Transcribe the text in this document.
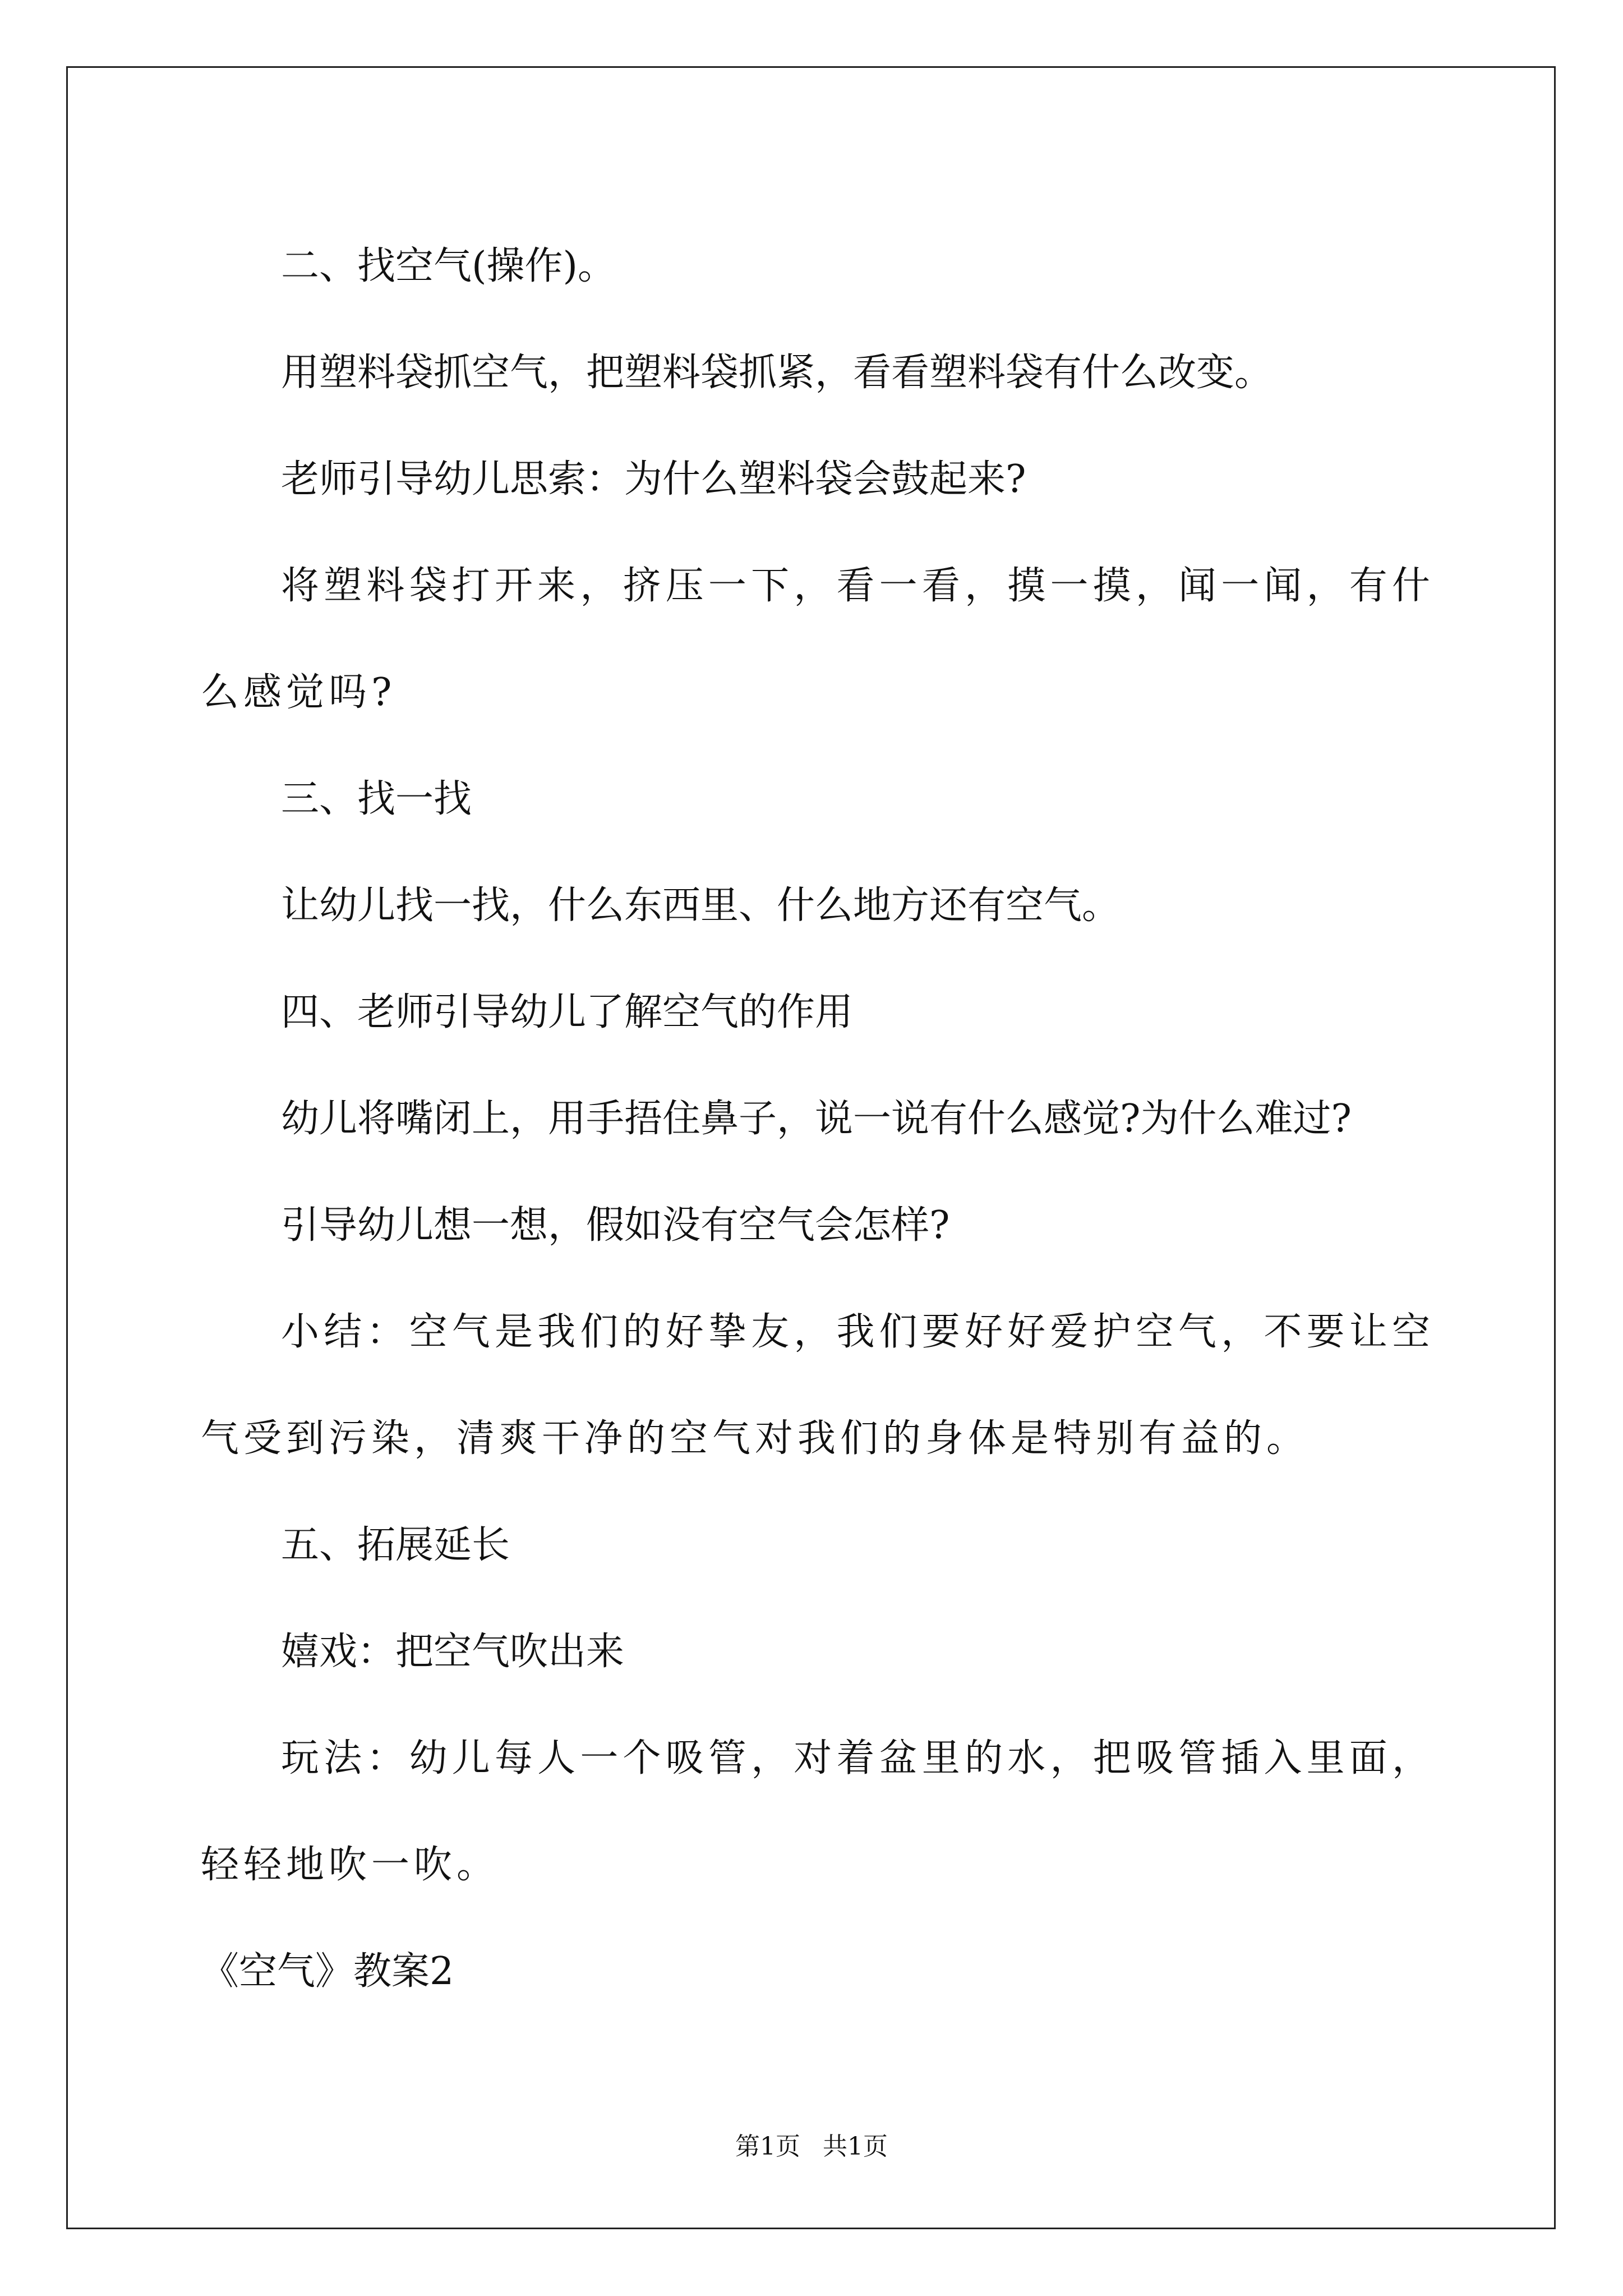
二、找空气(操作)。

用塑料袋抓空气，把塑料袋抓紧，看看塑料袋有什么改变。

老师引导幼儿思索：为什么塑料袋会鼓起来?

将塑料袋打开来，挤压一下，看一看，摸一摸，闻一闻，有什么感觉吗?

三、找一找

让幼儿找一找，什么东西里、什么地方还有空气。

四、老师引导幼儿了解空气的作用

幼儿将嘴闭上，用手捂住鼻子，说一说有什么感觉?为什么难过?

引导幼儿想一想，假如没有空气会怎样?

小结：空气是我们的好挚友，我们要好好爱护空气，不要让空气受到污染，清爽干净的空气对我们的身体是特别有益的。

五、拓展延长

嬉戏：把空气吹出来

玩法：幼儿每人一个吸管，对着盆里的水，把吸管插入里面，轻轻地吹一吹。

《空气》教案2

第1页 共1页
